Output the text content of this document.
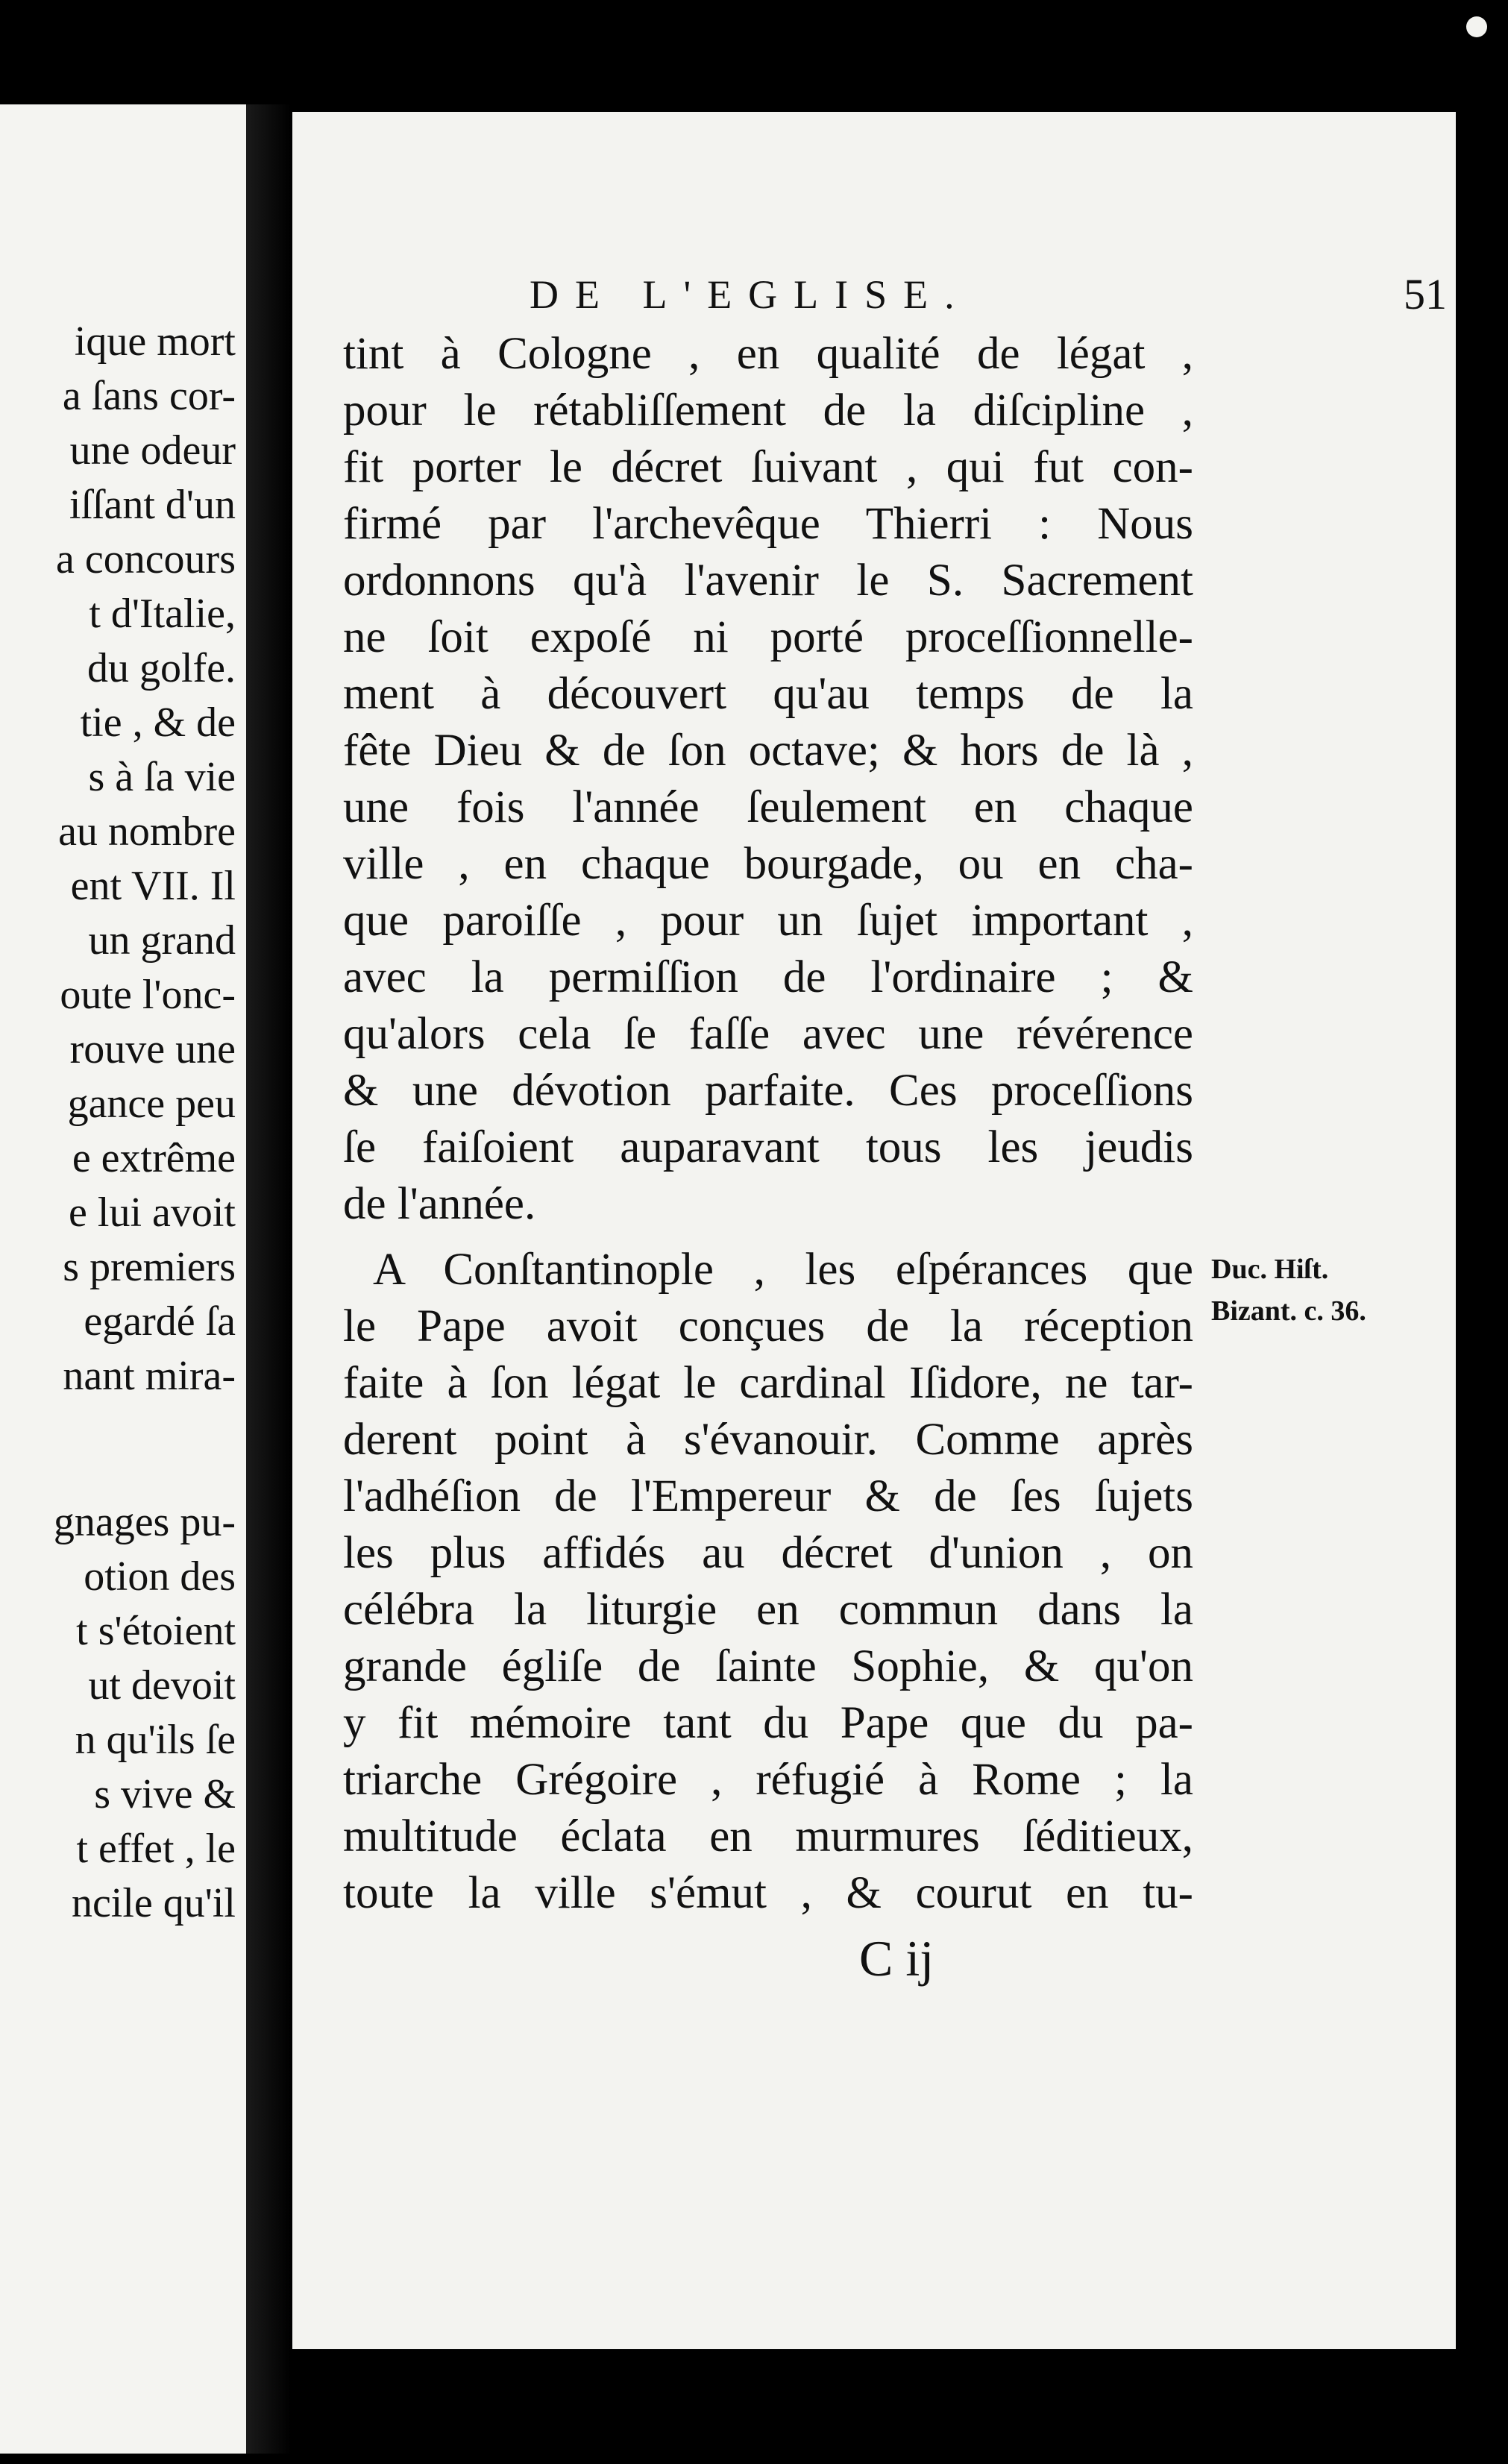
ique mort
a ſans cor-
une odeur
iſſant d'un
a concours
t d'Italie,
du golfe.
tie , & de
s à ſa vie
au nombre
ent VII. Il
un grand
oute l'onc-
rouve une
gance peu
e extrême
e lui avoit
s premiers
egardé ſa
nant mira-
gnages pu-
otion des
t s'étoient
ut devoit
n qu'ils ſe
s vive &
t effet , le
ncile qu'il
DE L'EGLISE.	51
tint à Cologne , en qualité de légat ,
pour le rétabliſſement de la diſcipline ,
fit porter le décret ſuivant , qui fut con-
firmé par l'archevêque Thierri : Nous
ordonnons qu'à l'avenir le S. Sacrement
ne ſoit expoſé ni porté proceſſionnelle-
ment à découvert qu'au temps de la
fête Dieu & de ſon octave; & hors de là ,
une fois l'année ſeulement en chaque
ville , en chaque bourgade, ou en cha-
que paroiſſe , pour un ſujet important ,
avec la permiſſion de l'ordinaire ; &
qu'alors cela ſe faſſe avec une révérence
& une dévotion parfaite. Ces proceſſions
ſe faiſoient auparavant tous les jeudis
de l'année.
A Conſtantinople , les eſpérances que
le Pape avoit conçues de la réception
faite à ſon légat le cardinal Iſidore, ne tar-
derent point à s'évanouir. Comme après
l'adhéſion de l'Empereur & de ſes ſujets
les plus affidés au décret d'union , on
célébra la liturgie en commun dans la
grande égliſe de ſainte Sophie, & qu'on
y fit mémoire tant du Pape que du pa-
triarche Grégoire , réfugié à Rome ; la
multitude éclata en murmures ſéditieux,
toute la ville s'émut , & courut en tu-
Duc. Hiſt.
Bizant. c. 36.
C ij
